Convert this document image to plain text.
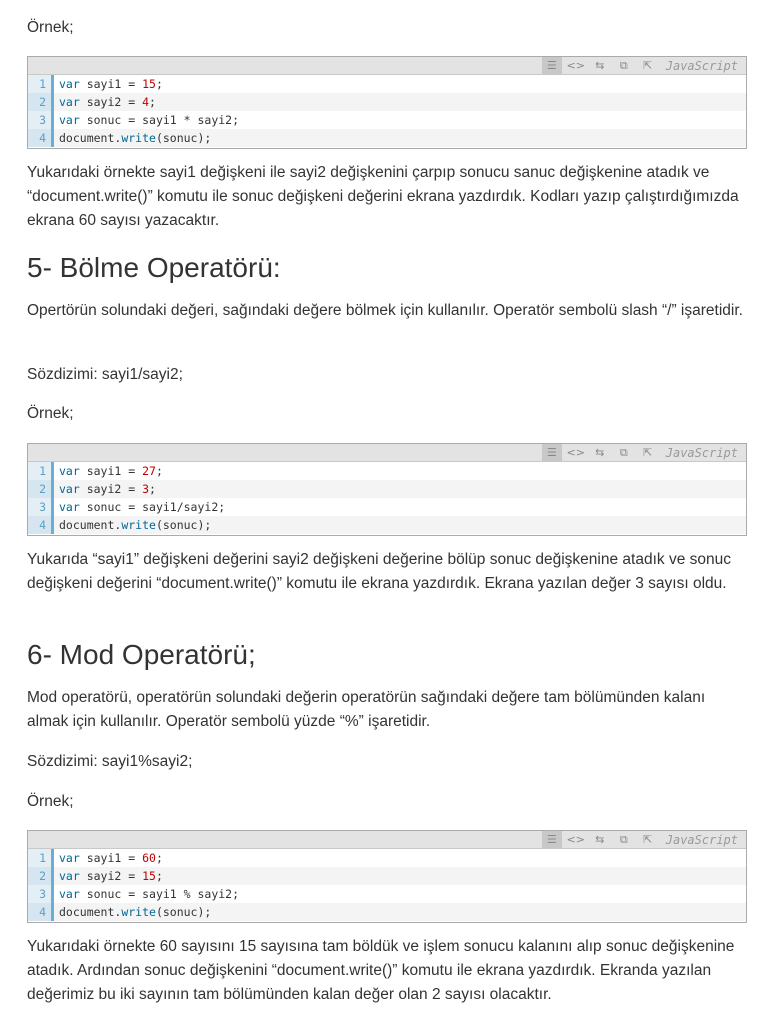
Örnek;

☰ <> ⇆	⧉	⇱	JavaScript
1	var sayi1 = 15;
2	var sayi2 = 4;
3	var sonuc = sayi1 * sayi2;
4	document.write(sonuc);

Yukarıdaki örnekte sayi1 değişkeni ile sayi2 değişkenini çarpıp sonucu sanuc değişkenine atadık ve “document.write()” komutu ile sonuc değişkeni değerini ekrana yazdırdık. Kodları yazıp çalıştırdığımızda ekrana 60 sayısı yazacaktır.

5- Bölme Operatörü:

Opertörün solundaki değeri, sağındaki değere bölmek için kullanılır. Operatör sembolü slash “/” işaretidir.

Sözdizimi: sayi1/sayi2;

Örnek;

☰ <> ⇆	⧉	⇱	JavaScript
1	var sayi1 = 27;
2	var sayi2 = 3;
3	var sonuc = sayi1/sayi2;
4	document.write(sonuc);

Yukarıda “sayi1” değişkeni değerini sayi2 değişkeni değerine bölüp sonuc değişkenine atadık ve sonuc değişkeni değerini “document.write()” komutu ile ekrana yazdırdık. Ekrana yazılan değer 3 sayısı oldu.

6- Mod Operatörü;

Mod operatörü, operatörün solundaki değerin operatörün sağındaki değere tam bölümünden kalanı almak için kullanılır. Operatör sembolü yüzde “%” işaretidir.

Sözdizimi: sayi1%sayi2;

Örnek;

☰ <> ⇆	⧉	⇱	JavaScript
1	var sayi1 = 60;
2	var sayi2 = 15;
3	var sonuc = sayi1 % sayi2;
4	document.write(sonuc);

Yukarıdaki örnekte 60 sayısını 15 sayısına tam böldük ve işlem sonucu kalanını alıp sonuc değişkenine atadık. Ardından sonuc değişkenini “document.write()” komutu ile ekrana yazdırdık. Ekranda yazılan değerimiz bu iki sayının tam bölümünden kalan değer olan 2 sayısı olacaktır.
